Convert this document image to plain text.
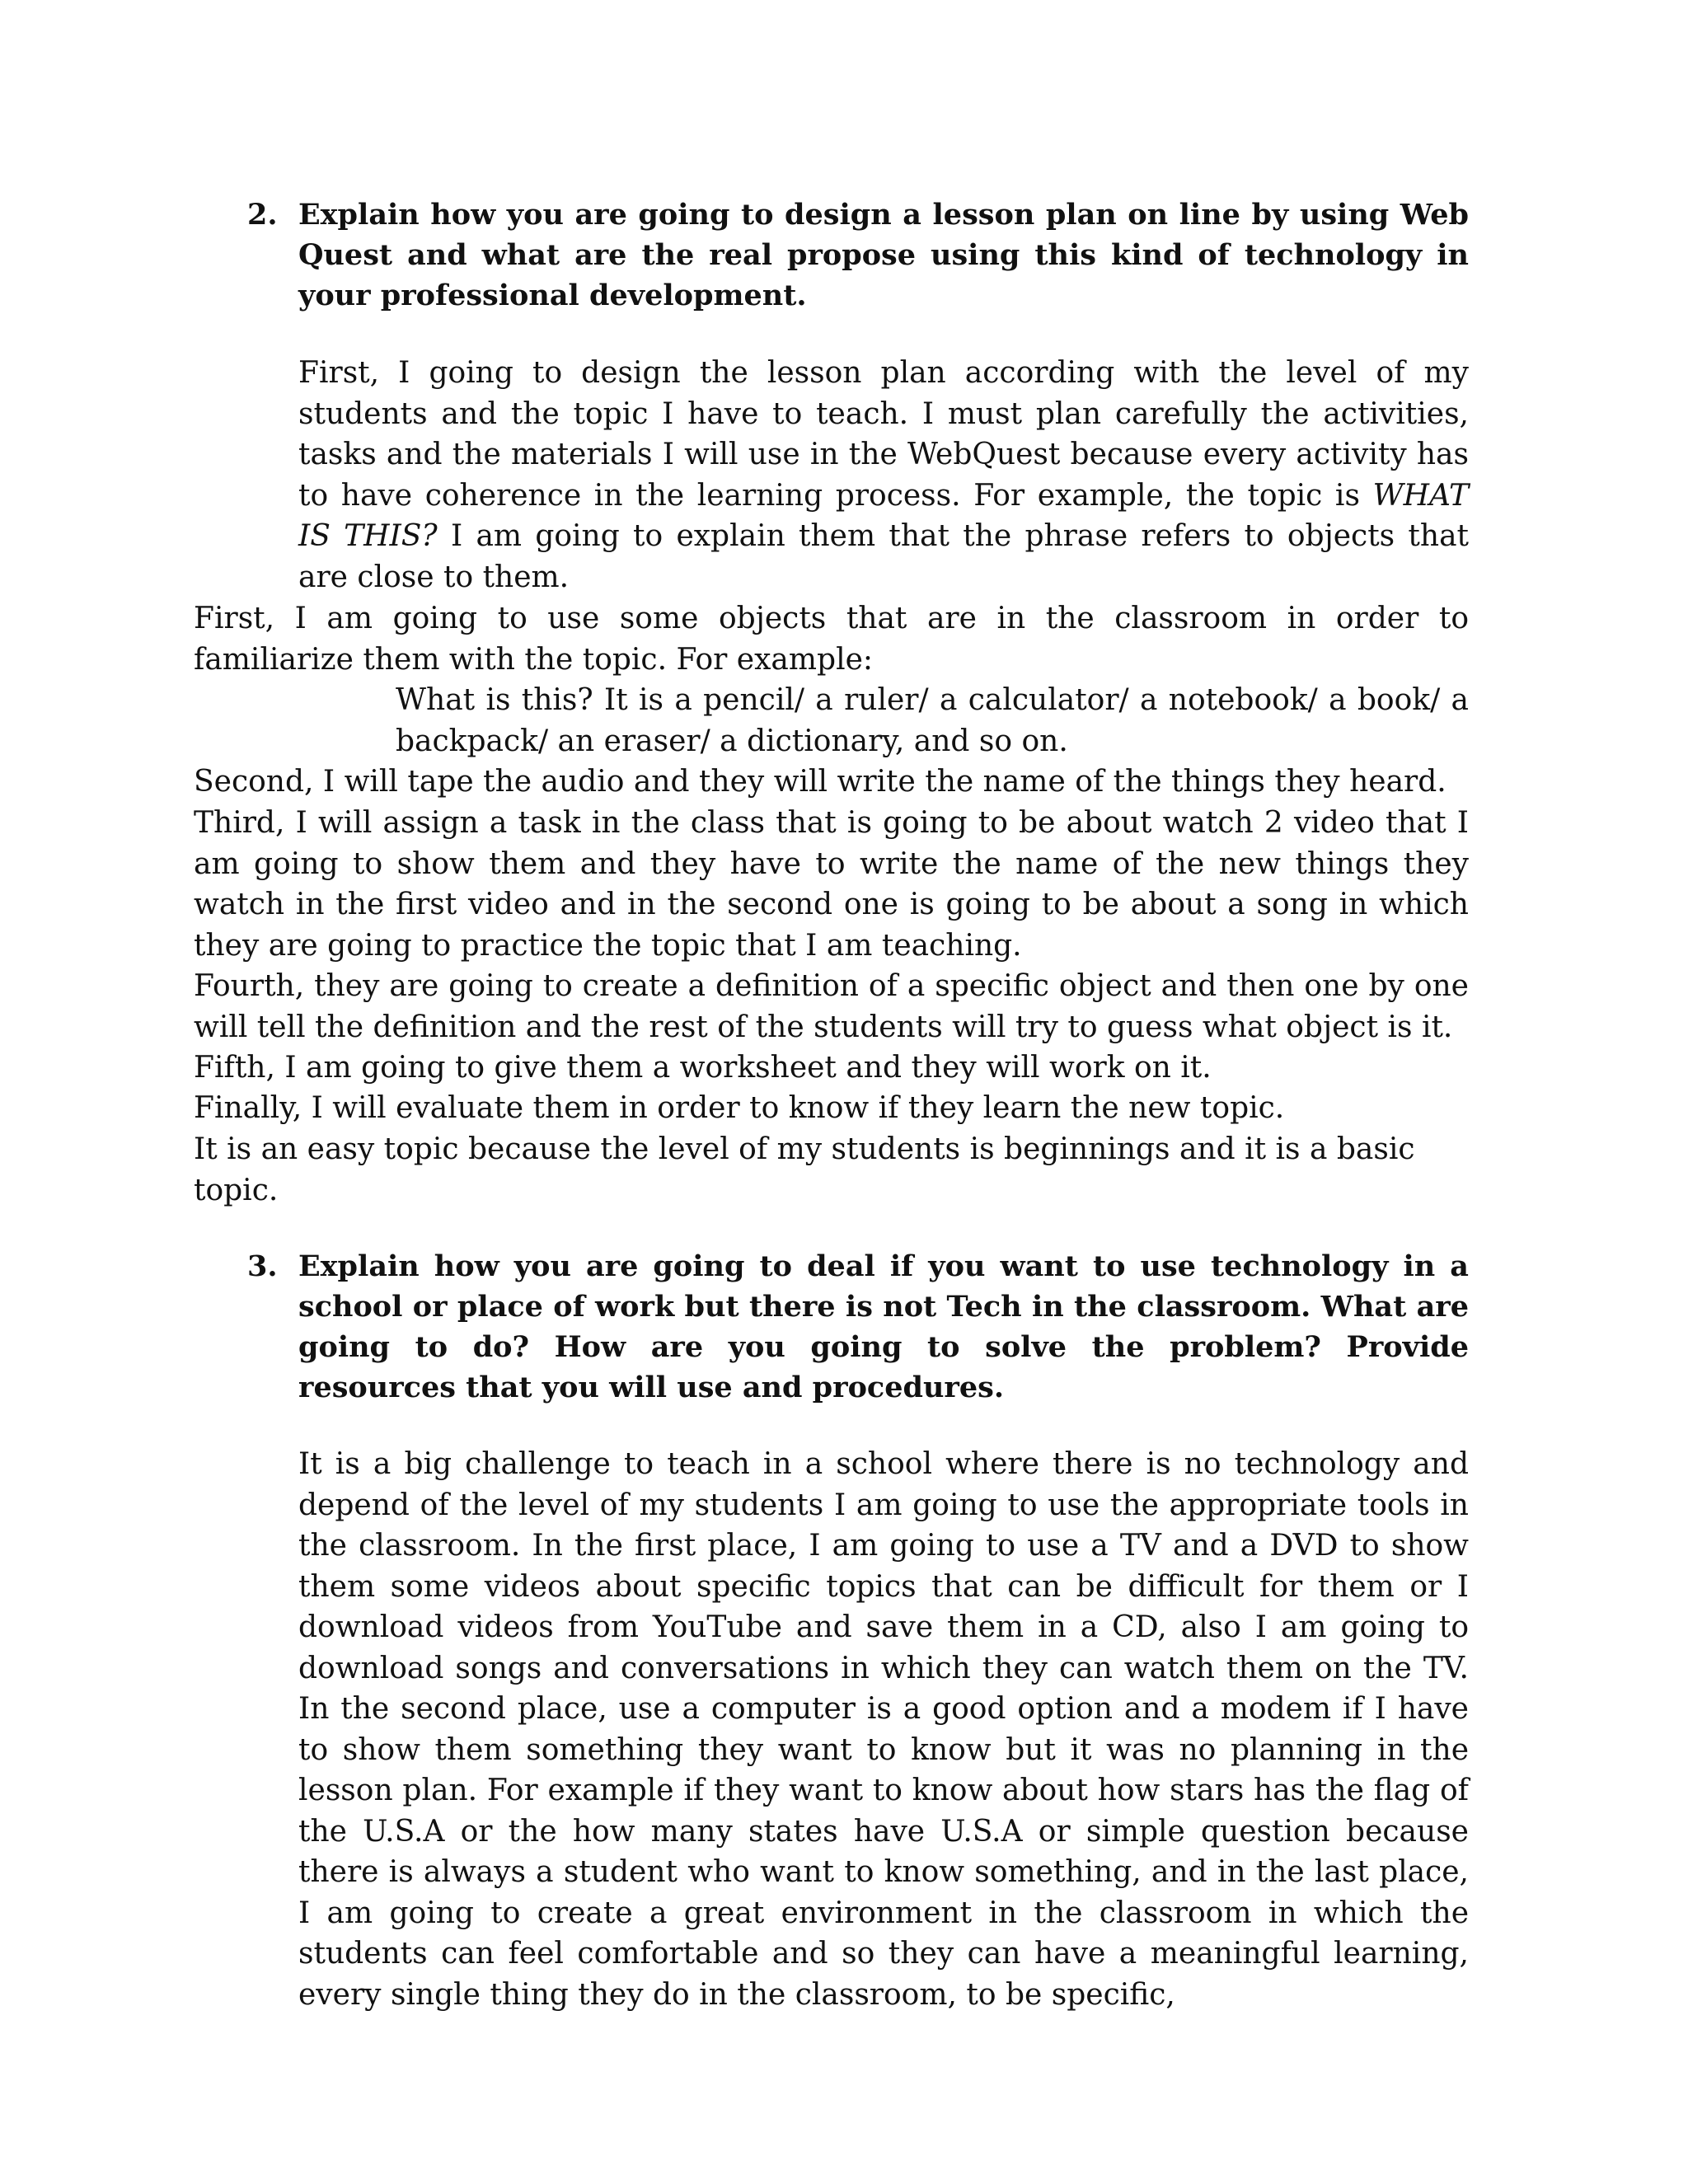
2. Explain how you are going to design a lesson plan on line by using Web Quest and what are the real propose using this kind of technology in your professional development.

First, I going to design the lesson plan according with the level of my students and the topic I have to teach. I must plan carefully the activities, tasks and the materials I will use in the WebQuest because every activity has to have coherence in the learning process. For example, the topic is WHAT IS THIS? I am going to explain them that the phrase refers to objects that are close to them.

First, I am going to use some objects that are in the classroom in order to familiarize them with the topic. For example:

What is this? It is a pencil/ a ruler/ a calculator/ a notebook/ a book/ a backpack/ an eraser/ a dictionary, and so on.

Second, I will tape the audio and they will write the name of the things they heard.

Third, I will assign a task in the class that is going to be about watch 2 video that I am going to show them and they have to write the name of the new things they watch in the first video and in the second one is going to be about a song in which they are going to practice the topic that I am teaching.

Fourth, they are going to create a definition of a specific object and then one by one will tell the definition and the rest of the students will try to guess what object is it.

Fifth, I am going to give them a worksheet and they will work on it.

Finally, I will evaluate them in order to know if they learn the new topic.

It is an easy topic because the level of my students is beginnings and it is a basic topic.

3. Explain how you are going to deal if you want to use technology in a school or place of work but there is not Tech in the classroom. What are going to do? How are you going to solve the problem? Provide resources that you will use and procedures.

It is a big challenge to teach in a school where there is no technology and depend of the level of my students I am going to use the appropriate tools in the classroom. In the first place, I am going to use a TV and a DVD to show them some videos about specific topics that can be difficult for them or I download videos from YouTube and save them in a CD, also I am going to download songs and conversations in which they can watch them on the TV. In the second place, use a computer is a good option and a modem if I have to show them something they want to know but it was no planning in the lesson plan. For example if they want to know about how stars has the flag of the U.S.A or the how many states have U.S.A or simple question because there is always a student who want to know something, and in the last place, I am going to create a great environment in the classroom in which the students can feel comfortable and so they can have a meaningful learning, every single thing they do in the classroom, to be specific,
